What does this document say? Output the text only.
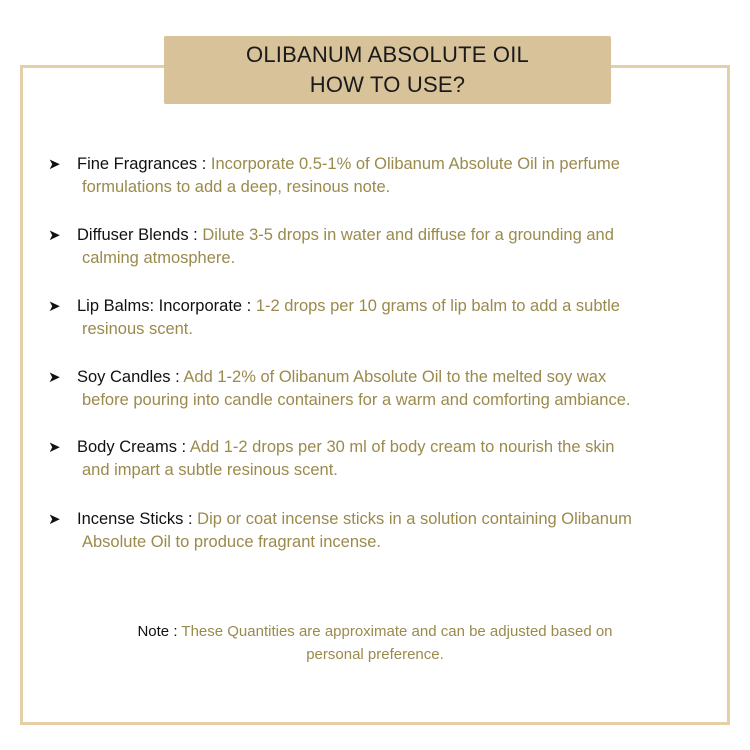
OLIBANUM ABSOLUTE OIL
HOW TO USE?
➤ Fine Fragrances : Incorporate 0.5-1% of Olibanum Absolute Oil in perfume
formulations to add a deep, resinous note.
➤ Diffuser Blends : Dilute 3-5 drops in water and diffuse for a grounding and
calming atmosphere.
➤ Lip Balms: Incorporate : 1-2 drops per 10 grams of lip balm to add a subtle
resinous scent.
➤ Soy Candles : Add 1-2% of Olibanum Absolute Oil to the melted soy wax
before pouring into candle containers for a warm and comforting ambiance.
➤ Body Creams : Add 1-2 drops per 30 ml of body cream to nourish the skin
and impart a subtle resinous scent.
➤ Incense Sticks : Dip or coat incense sticks in a solution containing Olibanum
Absolute Oil to produce fragrant incense.
Note : These Quantities are approximate and can be adjusted based on
personal preference.
